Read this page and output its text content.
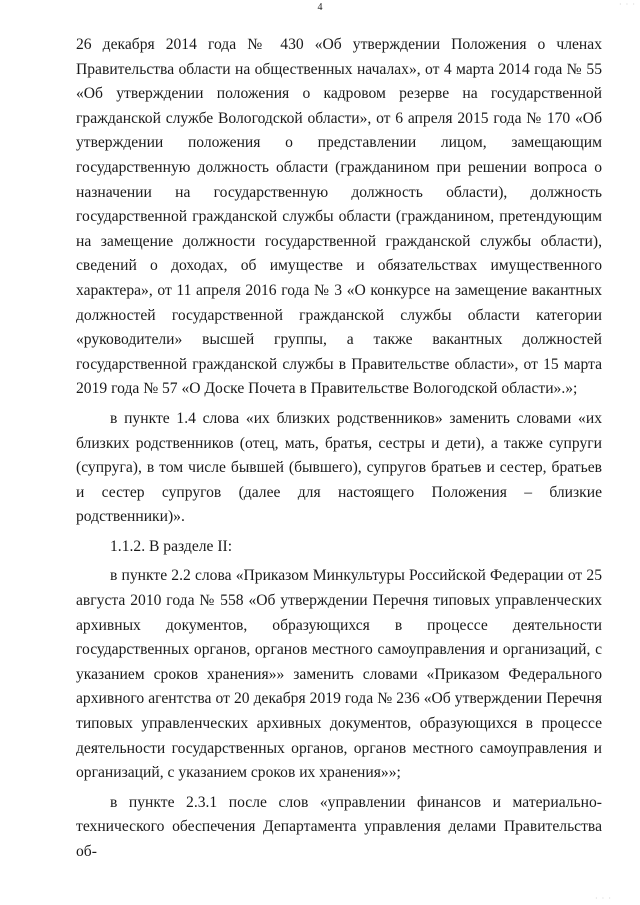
· · ·
4

26 декабря 2014 года № 430 «Об утверждении Положения о членах Правительства области на общественных началах», от 4 марта 2014 года № 55 «Об утверждении положения о кадровом резерве на государственной гражданской службе Вологодской области», от 6 апреля 2015 года № 170 «Об утверждении положения о представлении лицом, замещающим государственную должность области (гражданином при решении вопроса о назначении на государственную должность области), должность государственной гражданской службы области (гражданином, претендующим на замещение должности государственной гражданской службы области), сведений о доходах, об имуществе и обязательствах имущественного характера», от 11 апреля 2016 года № 3 «О конкурсе на замещение вакантных должностей государственной гражданской службы области категории «руководители» высшей группы, а также вакантных должностей государственной гражданской службы в Правительстве области», от 15 марта 2019 года № 57 «О Доске Почета в Правительстве Вологодской области».»;

в пункте 1.4 слова «их близких родственников» заменить словами «их близких родственников (отец, мать, братья, сестры и дети), а также супруги (супруга), в том числе бывшей (бывшего), супругов братьев и сестер, братьев и сестер супругов (далее для настоящего Положения – близкие родственники)».

1.1.2. В разделе II:

в пункте 2.2 слова «Приказом Минкультуры Российской Федерации от 25 августа 2010 года № 558 «Об утверждении Перечня типовых управленческих архивных документов, образующихся в процессе деятельности государственных органов, органов местного самоуправления и организаций, с указанием сроков хранения»» заменить словами «Приказом Федерального архивного агентства от 20 декабря 2019 года № 236 «Об утверждении Перечня типовых управленческих архивных документов, образующихся в процессе деятельности государственных органов, органов местного самоуправления и организаций, с указанием сроков их хранения»»;

в пункте 2.3.1 после слов «управлении финансов и материально-технического обеспечения Департамента управления делами Правительства об-

· · ·
